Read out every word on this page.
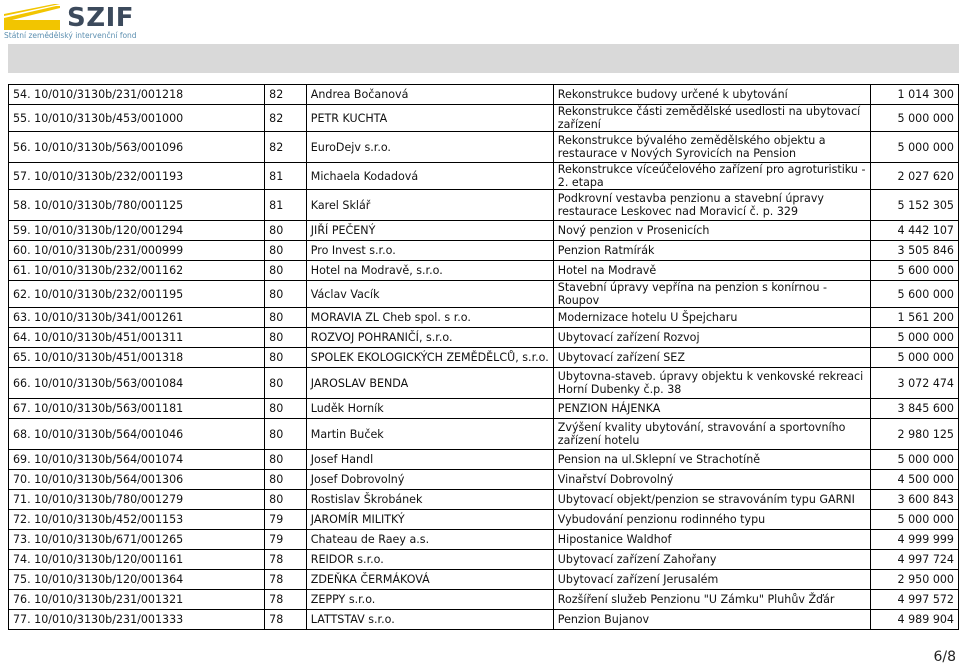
SZIF
Státní zemědělský intervenční fond
54. 10/010/3130b/231/001218	82	Andrea Bočanová	Rekonstrukce budovy určené k ubytování	1 014 300
55. 10/010/3130b/453/001000	82	PETR KUCHTA	Rekonstrukce části zemědělské usedlosti na ubytovací zařízení	5 000 000
56. 10/010/3130b/563/001096	82	EuroDejv s.r.o.	Rekonstrukce bývalého zemědělského objektu a restaurace v Nových Syrovicích na Pension	5 000 000
57. 10/010/3130b/232/001193	81	Michaela Kodadová	Rekonstrukce víceúčelového zařízení pro agroturistiku - 2. etapa	2 027 620
58. 10/010/3130b/780/001125	81	Karel Sklář	Podkrovní vestavba penzionu a stavební úpravy restaurace Leskovec nad Moravicí č. p. 329	5 152 305
59. 10/010/3130b/120/001294	80	JIŘÍ PEČENÝ	Nový penzion v Prosenicích	4 442 107
60. 10/010/3130b/231/000999	80	Pro Invest s.r.o.	Penzion Ratmírák	3 505 846
61. 10/010/3130b/232/001162	80	Hotel na Modravě, s.r.o.	Hotel na Modravě	5 600 000
62. 10/010/3130b/232/001195	80	Václav Vacík	Stavební úpravy vepřína na penzion s konírnou - Roupov	5 600 000
63. 10/010/3130b/341/001261	80	MORAVIA ZL Cheb spol. s r.o.	Modernizace hotelu U Špejcharu	1 561 200
64. 10/010/3130b/451/001311	80	ROZVOJ POHRANIČÍ, s.r.o.	Ubytovací zařízení Rozvoj	5 000 000
65. 10/010/3130b/451/001318	80	SPOLEK EKOLOGICKÝCH ZEMĚDĚLCŮ, s.r.o.	Ubytovací zařízení SEZ	5 000 000
66. 10/010/3130b/563/001084	80	JAROSLAV BENDA	Ubytovna-staveb. úpravy objektu k venkovské rekreaci Horní Dubenky č.p. 38	3 072 474
67. 10/010/3130b/563/001181	80	Luděk Horník	PENZION HÁJENKA	3 845 600
68. 10/010/3130b/564/001046	80	Martin Buček	Zvýšení kvality ubytování, stravování a sportovního zařízení hotelu	2 980 125
69. 10/010/3130b/564/001074	80	Josef Handl	Pension na ul.Sklepní ve Strachotíně	5 000 000
70. 10/010/3130b/564/001306	80	Josef Dobrovolný	Vinařství Dobrovolný	4 500 000
71. 10/010/3130b/780/001279	80	Rostislav Škrobánek	Ubytovací objekt/penzion se stravováním typu GARNI	3 600 843
72. 10/010/3130b/452/001153	79	JAROMÍR MILITKÝ	Vybudování penzionu rodinného typu	5 000 000
73. 10/010/3130b/671/001265	79	Chateau de Raey a.s.	Hipostanice Waldhof	4 999 999
74. 10/010/3130b/120/001161	78	REIDOR s.r.o.	Ubytovací zařízení Zahořany	4 997 724
75. 10/010/3130b/120/001364	78	ZDEŇKA ČERMÁKOVÁ	Ubytovací zařízení Jerusalém	2 950 000
76. 10/010/3130b/231/001321	78	ZEPPY s.r.o.	Rozšíření služeb Penzionu "U Zámku" Pluhův Žďár	4 997 572
77. 10/010/3130b/231/001333	78	LATTSTAV s.r.o.	Penzion Bujanov	4 989 904
6/8
